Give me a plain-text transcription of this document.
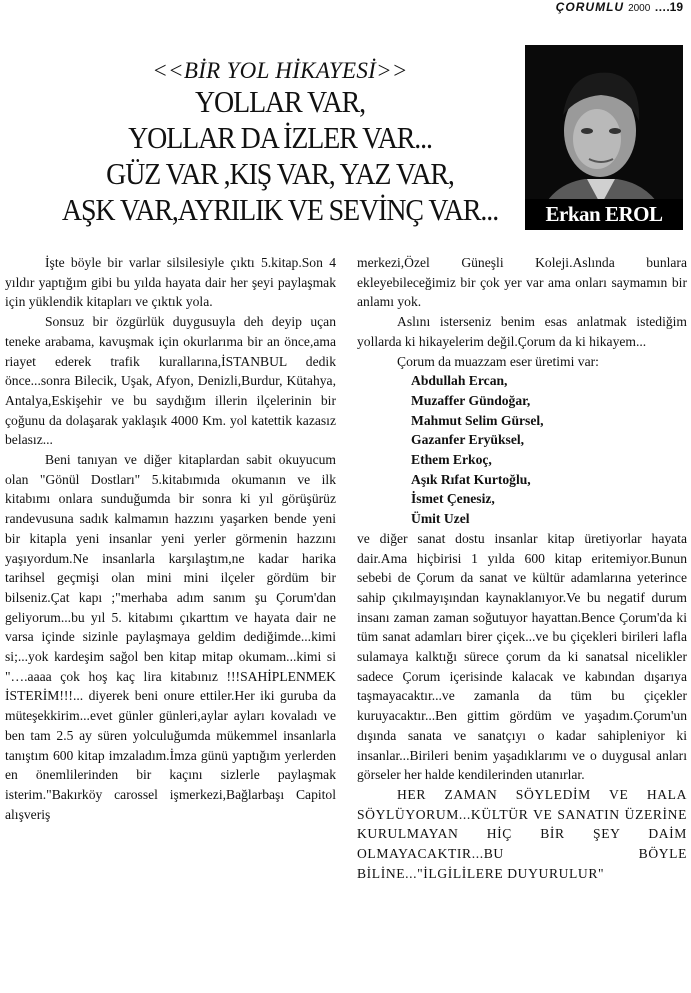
ÇORUMLU 2000 ….19
<<BİR YOL HİKAYESİ>>
YOLLAR VAR,
YOLLAR DA İZLER VAR...
GÜZ VAR ,KIŞ VAR, YAZ VAR,
AŞK VAR,AYRILIK VE SEVİNÇ VAR...	Erkan EROL

İşte böyle bir varlar silsilesiyle çıktı 5.kitap.Son 4 yıldır yaptığım gibi bu yılda hayata dair her şeyi paylaşmak için yüklendik kitapları ve çıktık yola.

Sonsuz bir özgürlük duygusuyla deh deyip uçan teneke arabama, kavuşmak için okurlarıma bir an önce,ama riayet ederek trafik kurallarına,İSTANBUL dedik önce...sonra Bilecik, Uşak, Afyon, Denizli,Burdur, Kütahya, Antalya,Eskişehir ve bu saydığım illerin ilçelerinin bir çoğunu da dolaşarak yaklaşık 4000 Km. yol katettik kazasız belasız...

Beni tanıyan ve diğer kitaplardan sabit okuyucum olan "Gönül Dostları" 5.kitabımıda okumanın ve ilk kitabımı onlara sunduğumda bir sonra ki yıl görüşürüz randevusuna sadık kalmamın hazzını yaşarken bende yeni bir kitapla yeni insanlar yeni yerler görmenin hazzını yaşıyordum.Ne insanlarla karşılaştım,ne kadar harika tarihsel geçmişi olan mini mini ilçeler gördüm bir bilseniz.Çat kapı ;"merhaba adım sanım şu Çorum'dan geliyorum...bu yıl 5. kitabımı çıkarttım ve hayata dair ne varsa içinde sizinle paylaşmaya geldim dediğimde...kimi si;...yok kardeşim sağol ben kitap mitap okumam...kimi si "….aaaa çok hoş kaç lira kitabınız !!!SAHİPLENMEK İSTERİM!!!... diyerek beni onure ettiler.Her iki guruba da müteşekkirim...evet günler günleri,aylar ayları kovaladı ve ben tam 2.5 ay süren yolculuğumda mükemmel insanlarla tanıştım 600 kitap imzaladım.İmza günü yaptığım yerlerden en önemlilerinden bir kaçını sizlerle paylaşmak isterim."Bakırköy carossel işmerkezi,Bağlarbaşı Capitol alışveriş

merkezi,Özel Güneşli Koleji.Aslında bunlara ekleyebileceğimiz bir çok yer var ama onları saymamın bir anlamı yok.

Aslını isterseniz benim esas anlatmak istediğim yollarda ki hikayelerim değil.Çorum da ki hikayem...

Çorum da muazzam eser üretimi var:

Abdullah Ercan,
Muzaffer Gündoğar,
Mahmut Selim Gürsel,
Gazanfer Eryüksel,
Ethem Erkoç,
Aşık Rıfat Kurtoğlu,
İsmet Çenesiz,
Ümit Uzel

ve diğer sanat dostu insanlar kitap üretiyorlar hayata dair.Ama hiçbirisi 1 yılda 600 kitap eritemiyor.Bunun sebebi de Çorum da sanat ve kültür adamlarına yeterince sahip çıkılmayışından kaynaklanıyor.Ve bu negatif durum insanı zaman zaman soğutuyor hayattan.Bence Çorum'da ki tüm sanat adamları birer çiçek...ve bu çiçekleri birileri lafla sulamaya kalktığı sürece çorum da ki sanatsal nicelikler sadece Çorum içerisinde kalacak ve kabından dışarıya taşmayacaktır...ve zamanla da tüm bu çiçekler kuruyacaktır...Ben gittim gördüm ve yaşadım.Çorum'un dışında sanata ve sanatçıyı o kadar sahipleniyor ki insanlar...Birileri benim yaşadıklarımı ve o duygusal anları görseler her halde kendilerinden utanırlar.

HER ZAMAN SÖYLEDİM VE HALA SÖYLÜYORUM...KÜLTÜR VE SANATIN ÜZERİNE KURULMAYAN HİÇ BİR ŞEY DAİM OLMAYACAKTIR...BU BÖYLE BİLİNE..."İLGİLİLERE DUYURULUR"
